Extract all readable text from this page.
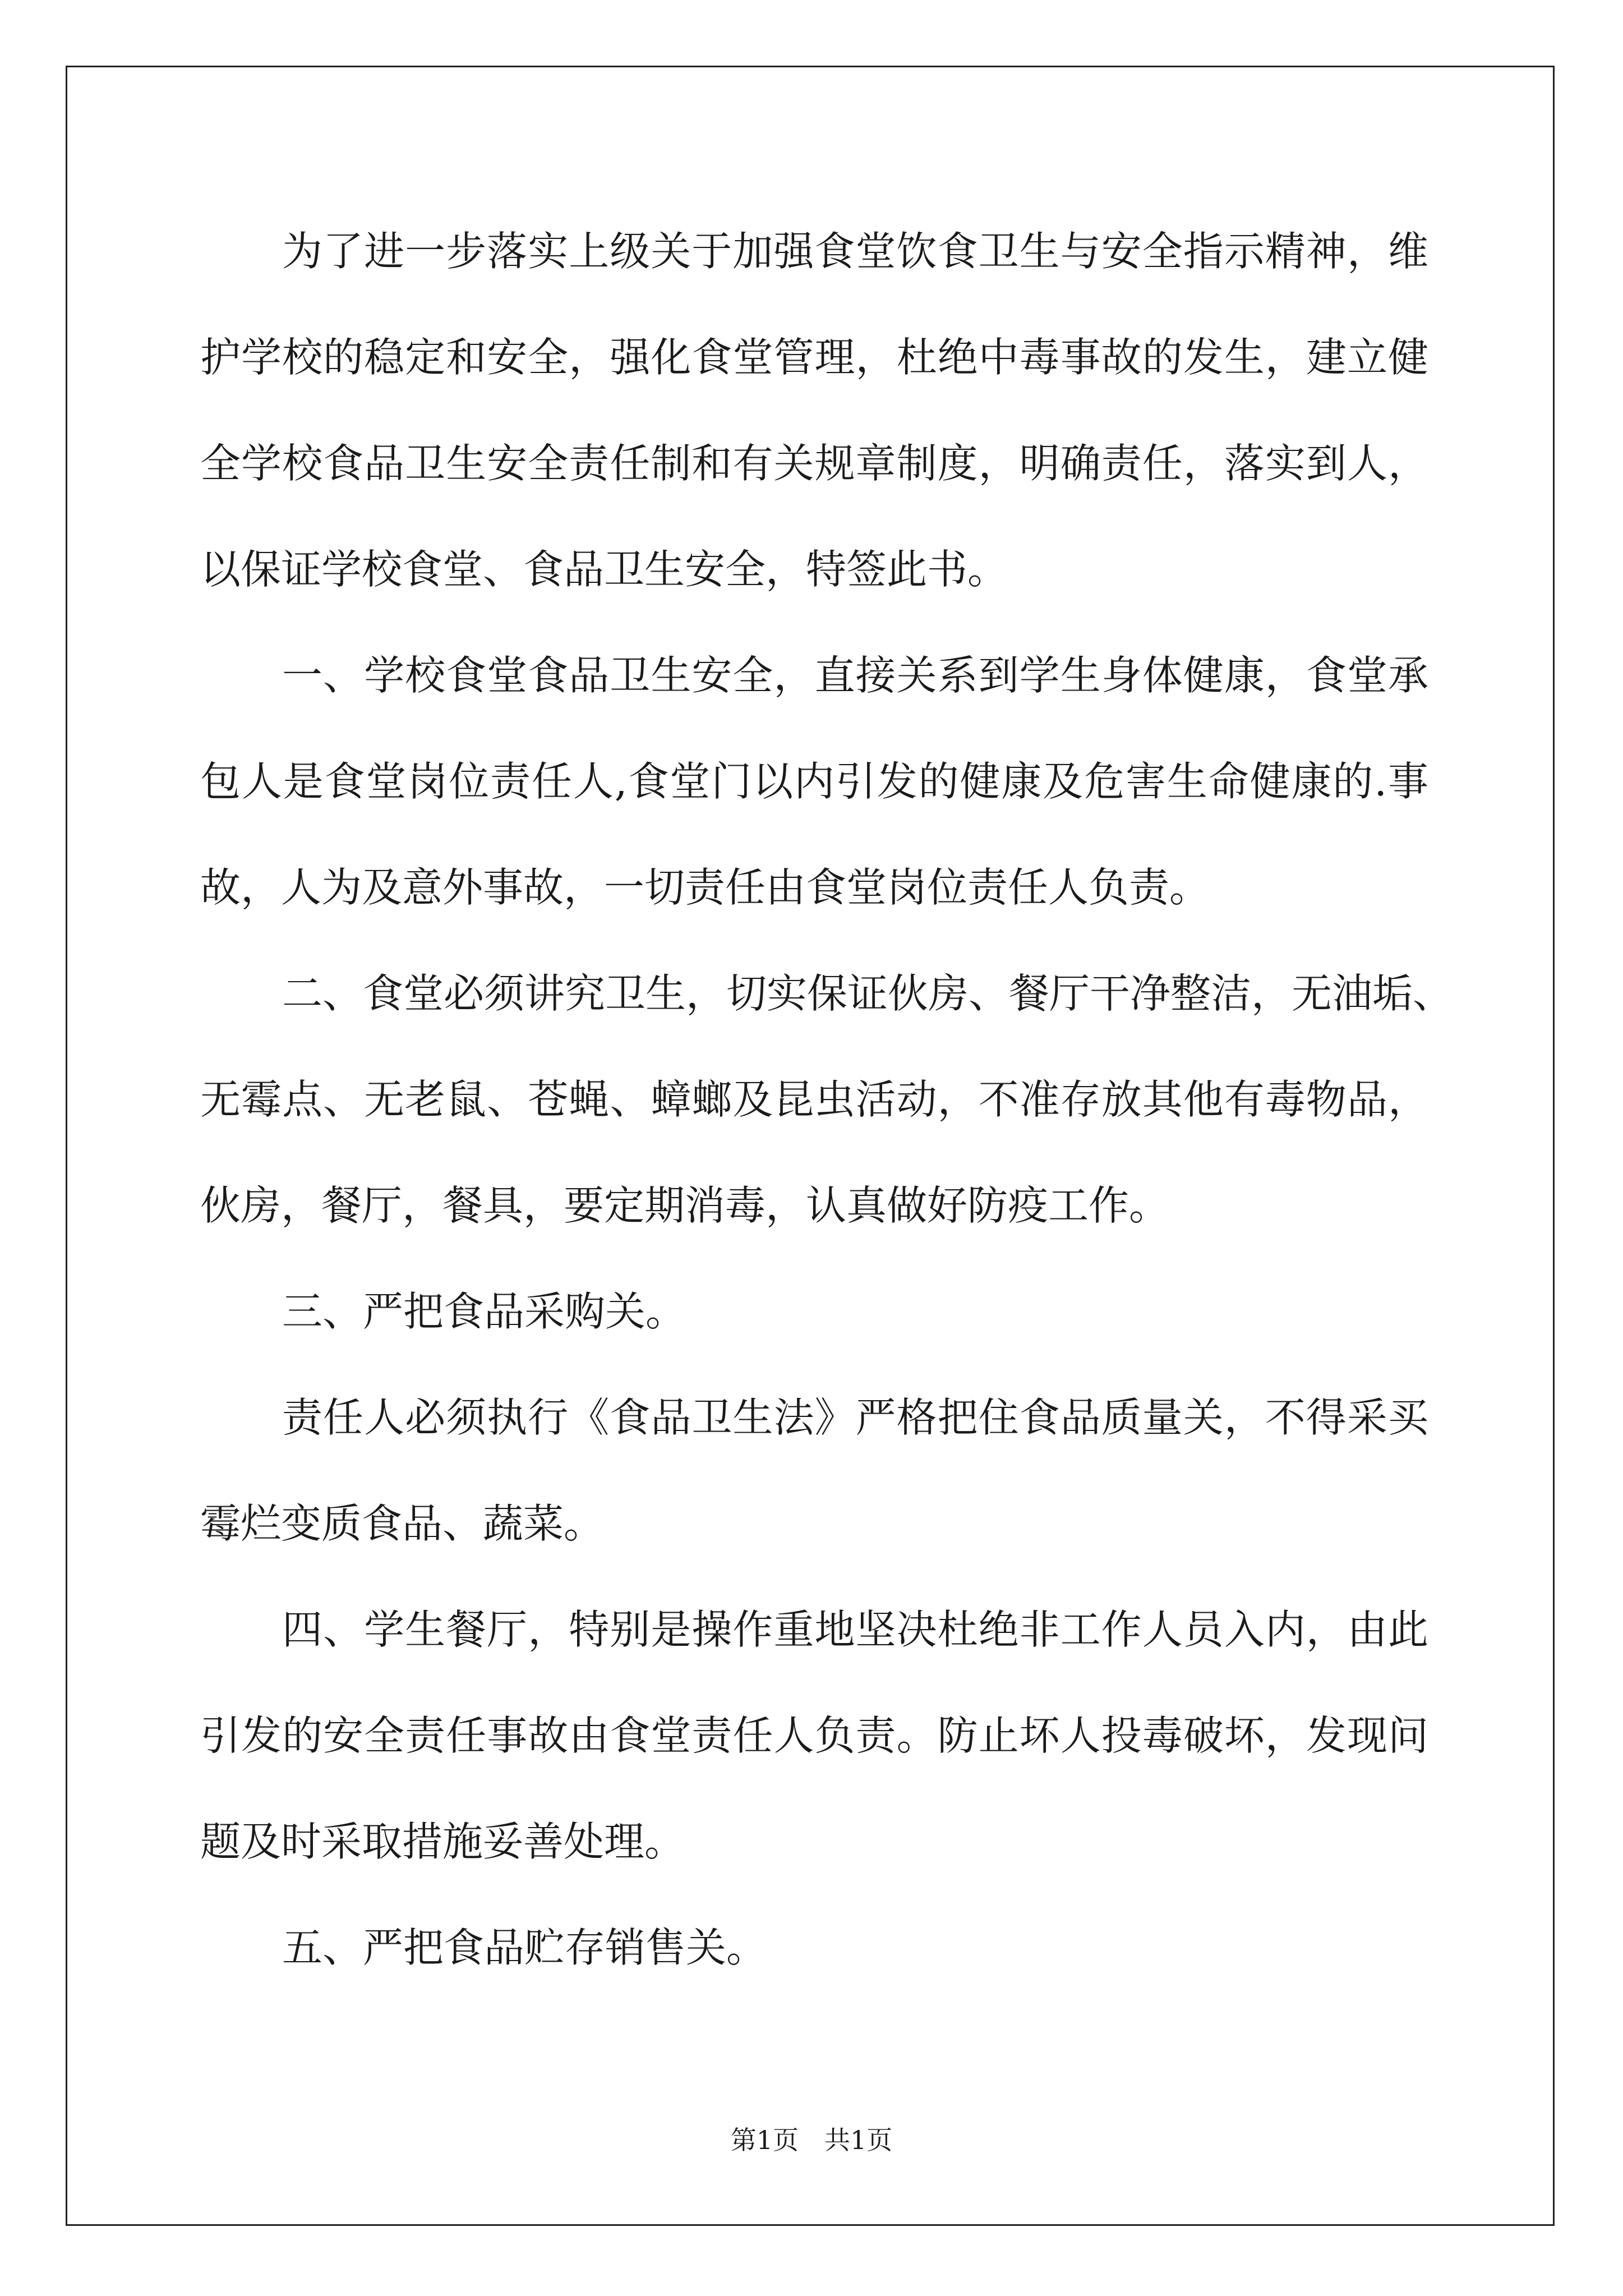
为了进一步落实上级关于加强食堂饮食卫生与安全指示精神，维
护学校的稳定和安全，强化食堂管理，杜绝中毒事故的发生，建立健
全学校食品卫生安全责任制和有关规章制度，明确责任，落实到人，
以保证学校食堂、食品卫生安全，特签此书。
一、学校食堂食品卫生安全，直接关系到学生身体健康，食堂承
包人是食堂岗位责任人,食堂门以内引发的健康及危害生命健康的.事
故，人为及意外事故，一切责任由食堂岗位责任人负责。
二、食堂必须讲究卫生，切实保证伙房、餐厅干净整洁，无油垢、
无霉点、无老鼠、苍蝇、蟑螂及昆虫活动，不准存放其他有毒物品，
伙房，餐厅，餐具，要定期消毒，认真做好防疫工作。
三、严把食品采购关。
责任人必须执行《食品卫生法》严格把住食品质量关，不得采买
霉烂变质食品、蔬菜。
四、学生餐厅，特别是操作重地坚决杜绝非工作人员入内，由此
引发的安全责任事故由食堂责任人负责。防止坏人投毒破坏，发现问
题及时采取措施妥善处理。
五、严把食品贮存销售关。
第1页　共1页
